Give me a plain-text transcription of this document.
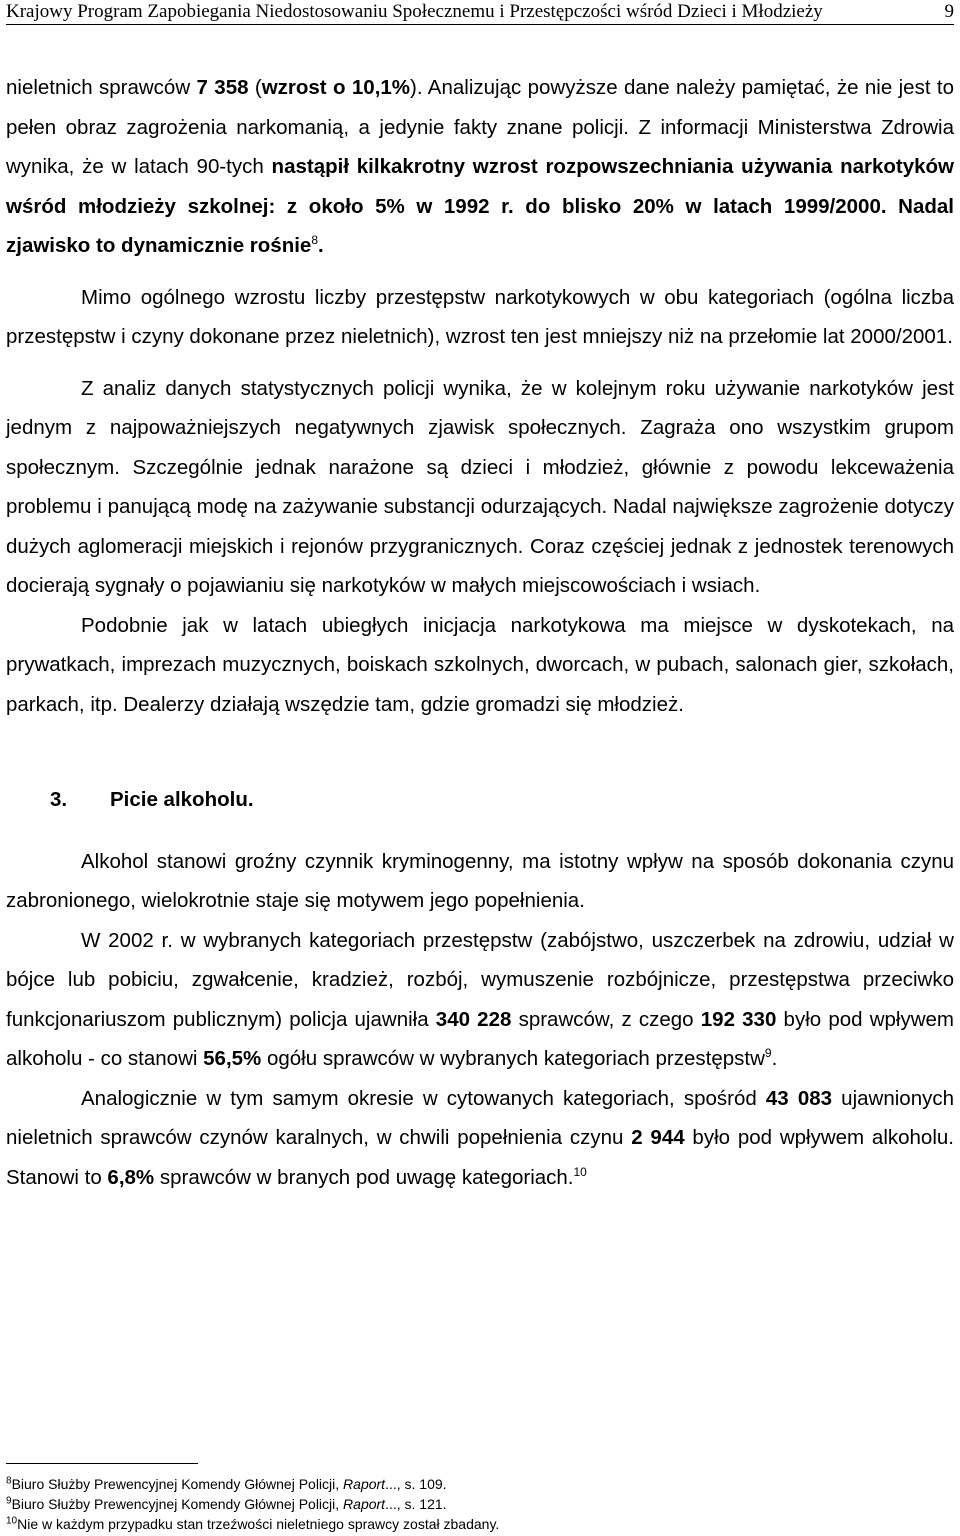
Krajowy Program Zapobiegania Niedostosowaniu Społecznemu i Przestępczości wśród Dzieci i Młodzieży	9

nieletnich sprawców 7 358 (wzrost o 10,1%). Analizując powyższe dane należy pamiętać, że nie jest to pełen obraz zagrożenia narkomanią, a jedynie fakty znane policji. Z informacji Ministerstwa Zdrowia wynika, że w latach 90-tych nastąpił kilkakrotny wzrost rozpowszechniania używania narkotyków wśród młodzieży szkolnej: z około 5% w 1992 r. do blisko 20% w latach 1999/2000. Nadal zjawisko to dynamicznie rośnie$^8$.

Mimo ogólnego wzrostu liczby przestępstw narkotykowych w obu kategoriach (ogólna liczba przestępstw i czyny dokonane przez nieletnich), wzrost ten jest mniejszy niż na przełomie lat 2000/2001.

Z analiz danych statystycznych policji wynika, że w kolejnym roku używanie narkotyków jest jednym z najpoważniejszych negatywnych zjawisk społecznych. Zagraża ono wszystkim grupom społecznym. Szczególnie jednak narażone są dzieci i młodzież, głównie z powodu lekceważenia problemu i panującą modę na zażywanie substancji odurzających. Nadal największe zagrożenie dotyczy dużych aglomeracji miejskich i rejonów przygranicznych. Coraz częściej jednak z jednostek terenowych docierają sygnały o pojawianiu się narkotyków w małych miejscowościach i wsiach.

Podobnie jak w latach ubiegłych inicjacja narkotykowa ma miejsce w dyskotekach, na prywatkach, imprezach muzycznych, boiskach szkolnych, dworcach, w pubach, salonach gier, szkołach, parkach, itp. Dealerzy działają wszędzie tam, gdzie gromadzi się młodzież.

3. Picie alkoholu.

Alkohol stanowi groźny czynnik kryminogenny, ma istotny wpływ na sposób dokonania czynu zabronionego, wielokrotnie staje się motywem jego popełnienia.

W 2002 r. w wybranych kategoriach przestępstw (zabójstwo, uszczerbek na zdrowiu, udział w bójce lub pobiciu, zgwałcenie, kradzież, rozbój, wymuszenie rozbójnicze, przestępstwa przeciwko funkcjonariuszom publicznym) policja ujawniła 340 228 sprawców, z czego 192 330 było pod wpływem alkoholu - co stanowi 56,5% ogółu sprawców w wybranych kategoriach przestępstw$^9$.

Analogicznie w tym samym okresie w cytowanych kategoriach, spośród 43 083 ujawnionych nieletnich sprawców czynów karalnych, w chwili popełnienia czynu 2 944 było pod wpływem alkoholu. Stanowi to 6,8% sprawców w branych pod uwagę kategoriach.$^{10}$

$^8$Biuro Służby Prewencyjnej Komendy Głównej Policji, Raport..., s. 109.
$^9$Biuro Służby Prewencyjnej Komendy Głównej Policji, Raport..., s. 121.
$^{10}$Nie w każdym przypadku stan trzeźwości nieletniego sprawcy został zbadany.
